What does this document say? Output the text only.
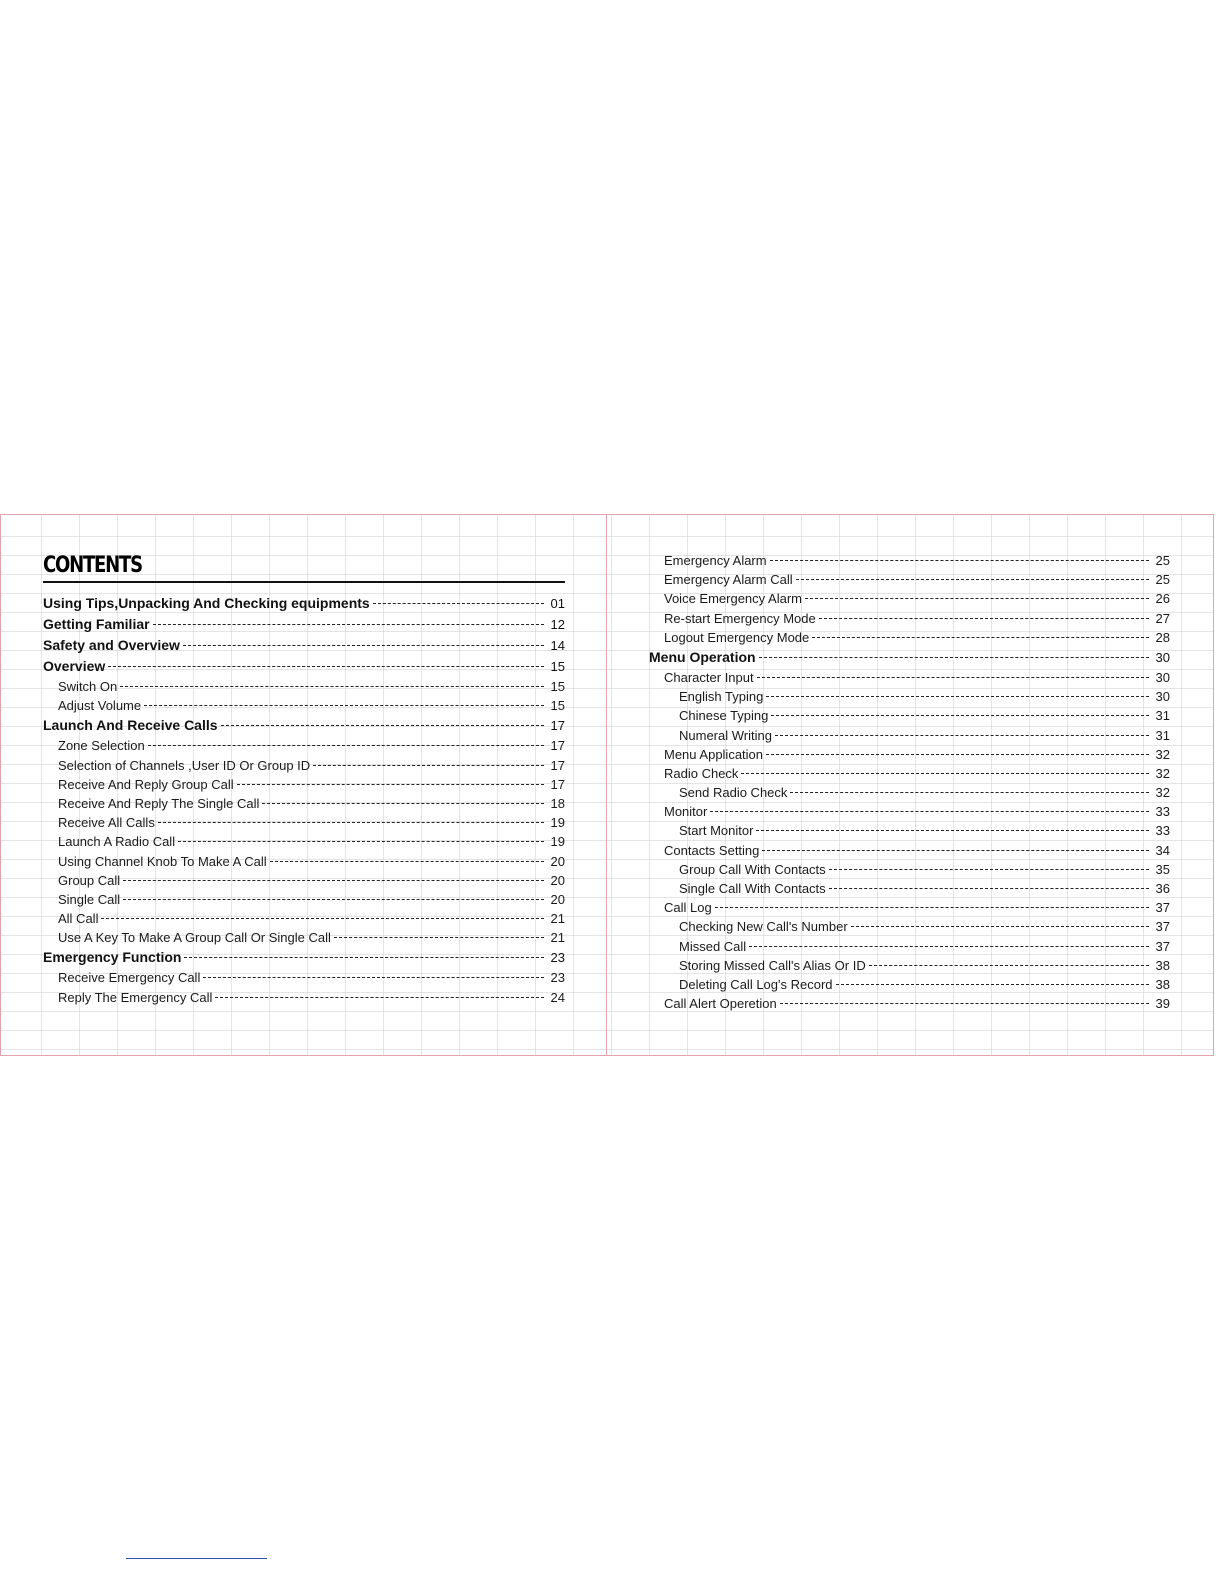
CONTENTS
Using Tips,Unpacking And Checking equipments	01
Getting Familiar	12
Safety and Overview	14
Overview	15
Switch On	15
Adjust Volume	15
Launch And Receive Calls	17
Zone Selection	17
Selection of Channels ,User ID Or Group ID	17
Receive And Reply Group Call	17
Receive And Reply The Single Call	18
Receive All Calls	19
Launch A Radio Call	19
Using Channel Knob To Make A Call	20
Group Call	20
Single Call	20
All Call	21
Use A Key To Make A Group Call Or Single Call	21
Emergency Function	23
Receive Emergency Call	23
Reply The Emergency Call	24
Emergency Alarm	25
Emergency Alarm Call	25
Voice Emergency Alarm	26
Re-start Emergency Mode	27
Logout Emergency Mode	28
Menu Operation	30
Character Input	30
English Typing	30
Chinese Typing	31
Numeral Writing	31
Menu Application	32
Radio Check	32
Send Radio Check	32
Monitor	33
Start Monitor	33
Contacts Setting	34
Group Call With Contacts	35
Single Call With Contacts	36
Call Log	37
Checking New Call's Number	37
Missed Call	37
Storing Missed Call's Alias Or ID	38
Deleting Call Log's Record	38
Call Alert Operetion	39
